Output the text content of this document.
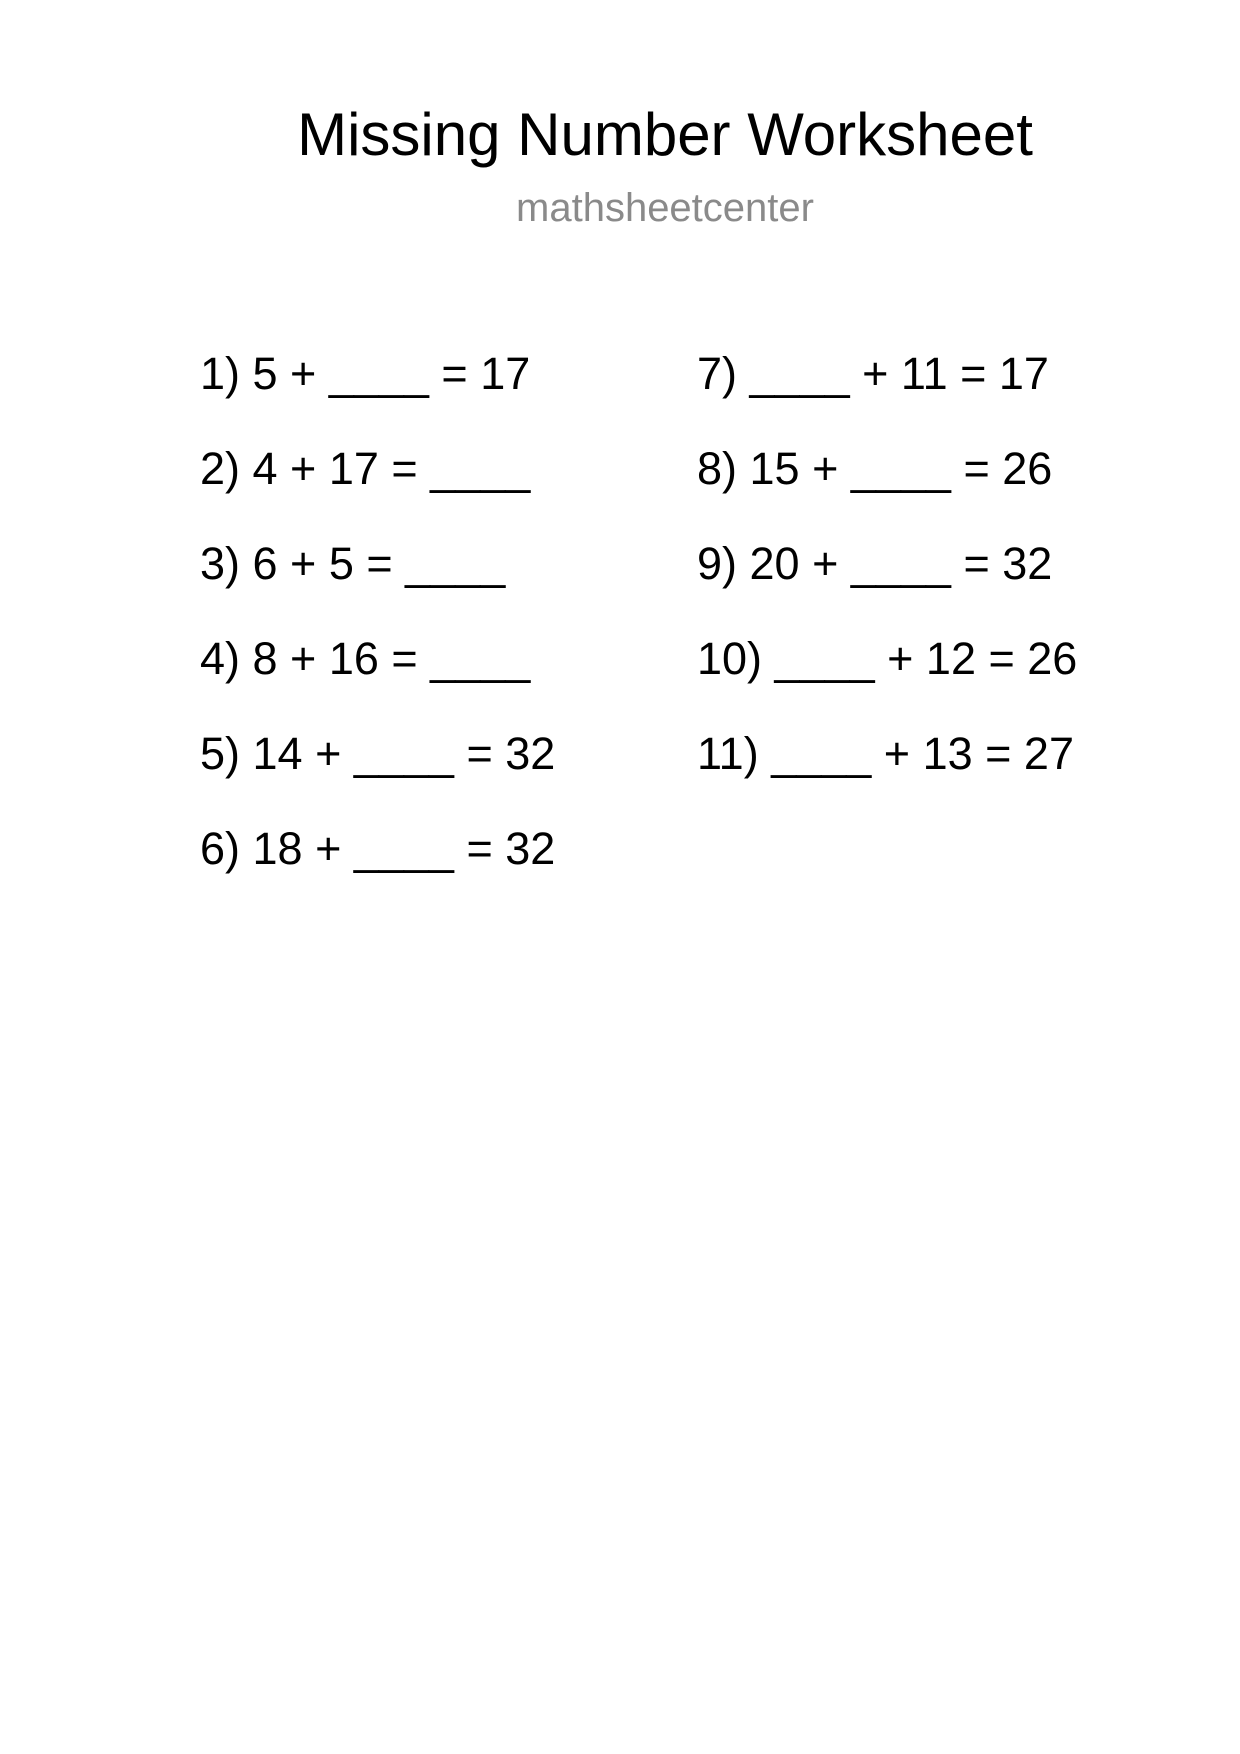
Missing Number Worksheet
mathsheetcenter
1) 5 + ____ = 17
2) 4 + 17 = ____
3) 6 + 5 = ____
4) 8 + 16 = ____
5) 14 + ____ = 32
6) 18 + ____ = 32
7) ____ + 11 = 17
8) 15 + ____ = 26
9) 20 + ____ = 32
10) ____ + 12 = 26
11) ____ + 13 = 27
